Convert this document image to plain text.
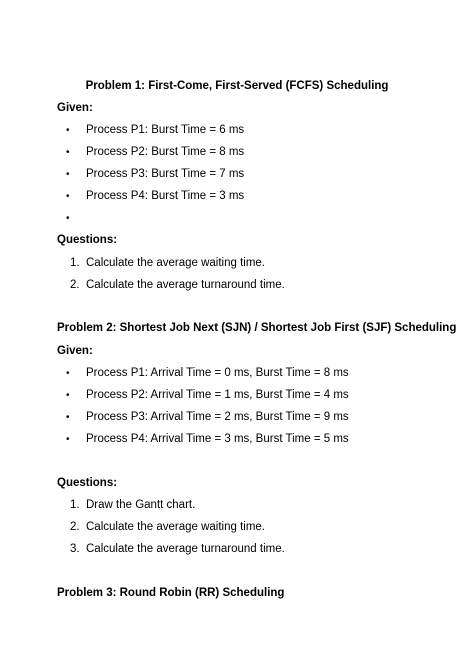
Problem 1: First-Come, First-Served (FCFS) Scheduling
Given:
• Process P1: Burst Time = 6 ms
• Process P2: Burst Time = 8 ms
• Process P3: Burst Time = 7 ms
• Process P4: Burst Time = 3 ms
•
Questions:
1. Calculate the average waiting time.
2. Calculate the average turnaround time.
Problem 2: Shortest Job Next (SJN) / Shortest Job First (SJF) Scheduling
Given:
• Process P1: Arrival Time = 0 ms, Burst Time = 8 ms
• Process P2: Arrival Time = 1 ms, Burst Time = 4 ms
• Process P3: Arrival Time = 2 ms, Burst Time = 9 ms
• Process P4: Arrival Time = 3 ms, Burst Time = 5 ms
Questions:
1. Draw the Gantt chart.
2. Calculate the average waiting time.
3. Calculate the average turnaround time.
Problem 3: Round Robin (RR) Scheduling
